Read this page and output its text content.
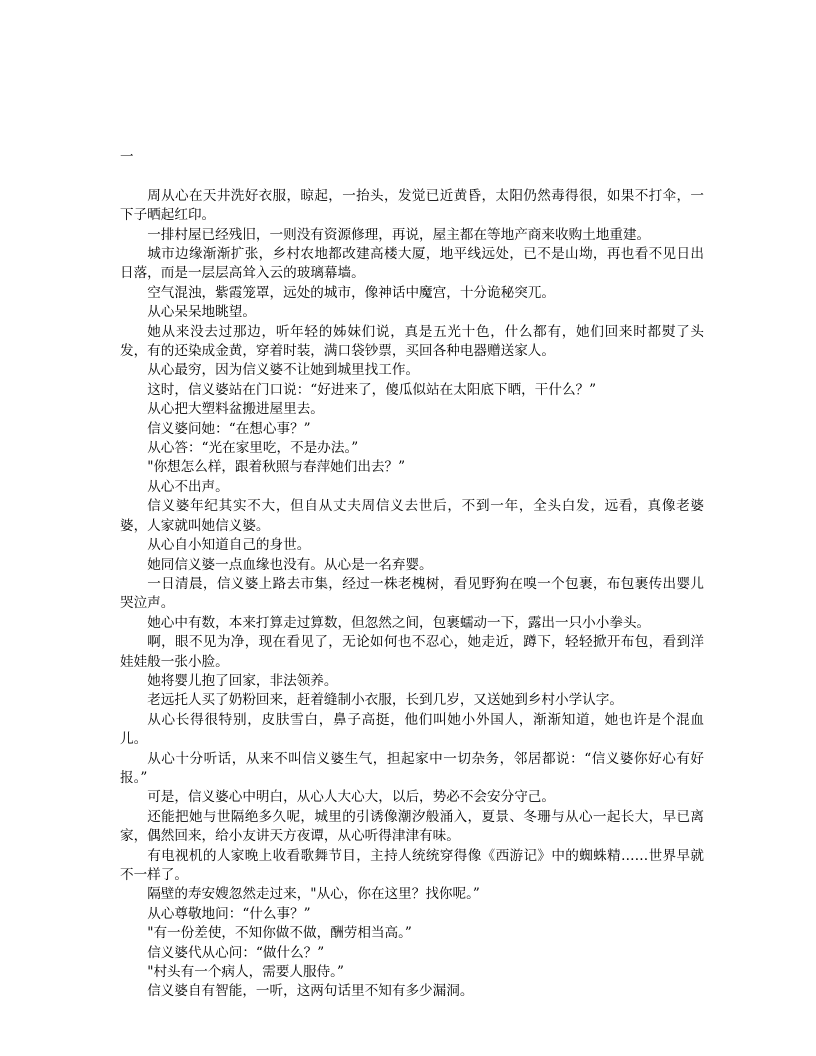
一

周从心在天井洗好衣服，晾起，一抬头，发觉已近黄昏，太阳仍然毒得很，如果不打伞，一下子晒起红印。

一排村屋已经残旧，一则没有资源修理，再说，屋主都在等地产商来收购土地重建。

城市边缘渐渐扩张，乡村农地都改建高楼大厦，地平线远处，已不是山坳，再也看不见日出日落，而是一层层高耸入云的玻璃幕墙。

空气混浊，紫霞笼罩，远处的城市，像神话中魔宫，十分诡秘突兀。

从心呆呆地眺望。

她从来没去过那边，听年轻的姊妹们说，真是五光十色，什么都有，她们回来时都熨了头发，有的还染成金黄，穿着时装，满口袋钞票，买回各种电器赠送家人。

从心最穷，因为信义婆不让她到城里找工作。

这时，信义婆站在门口说：“好进来了，傻瓜似站在太阳底下晒，干什么？”

从心把大塑料盆搬进屋里去。

信义婆问她：“在想心事？”

从心答：“光在家里吃，不是办法。”

"你想怎么样，跟着秋照与春萍她们出去？”

从心不出声。

信义婆年纪其实不大，但自从丈夫周信义去世后，不到一年，全头白发，远看，真像老婆婆，人家就叫她信义婆。

从心自小知道自己的身世。

她同信义婆一点血缘也没有。从心是一名弃婴。

一日清晨，信义婆上路去市集，经过一株老槐树，看见野狗在嗅一个包裹，布包裹传出婴儿哭泣声。

她心中有数，本来打算走过算数，但忽然之间，包裹蠕动一下，露出一只小小拳头。

啊，眼不见为净，现在看见了，无论如何也不忍心，她走近，蹲下，轻轻掀开布包，看到洋娃娃般一张小脸。

她将婴儿抱了回家，非法领养。

老远托人买了奶粉回来，赶着缝制小衣服，长到几岁，又送她到乡村小学认字。

从心长得很特别，皮肤雪白，鼻子高挺，他们叫她小外国人，渐渐知道，她也许是个混血儿。

从心十分听话，从来不叫信义婆生气，担起家中一切杂务，邻居都说：“信义婆你好心有好报。”

可是，信义婆心中明白，从心人大心大，以后，势必不会安分守己。

还能把她与世隔绝多久呢，城里的引诱像潮汐般涌入，夏景、冬珊与从心一起长大，早已离家，偶然回来，给小友讲天方夜谭，从心听得津津有味。

有电视机的人家晚上收看歌舞节目，主持人统统穿得像《西游记》中的蜘蛛精……世界早就不一样了。

隔壁的寿安嫂忽然走过来，"从心，你在这里？找你呢。”

从心尊敬地问：“什么事？”

"有一份差使，不知你做不做，酬劳相当高。”

信义婆代从心问：“做什么？”

"村头有一个病人，需要人服侍。”

信义婆自有智能，一听，这两句话里不知有多少漏洞。
